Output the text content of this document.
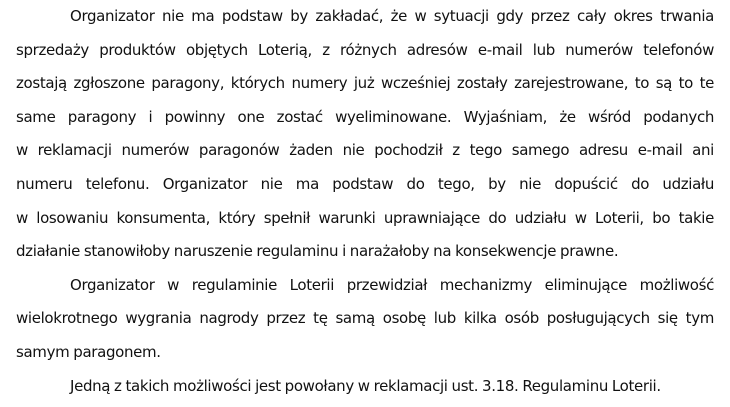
Organizator nie ma podstaw by zakładać, że w sytuacji gdy przez cały okres trwania
sprzedaży produktów objętych Loterią, z różnych adresów e-mail lub numerów telefonów
zostają zgłoszone paragony, których numery już wcześniej zostały zarejestrowane, to są to te
same paragony i powinny one zostać wyeliminowane. Wyjaśniam, że wśród podanych
w reklamacji numerów paragonów żaden nie pochodził z tego samego adresu e-mail ani
numeru telefonu. Organizator nie ma podstaw do tego, by nie dopuścić do udziału
w losowaniu konsumenta, który spełnił warunki uprawniające do udziału w Loterii, bo takie
działanie stanowiłoby naruszenie regulaminu i narażałoby na konsekwencje prawne.
Organizator w regulaminie Loterii przewidział mechanizmy eliminujące możliwość
wielokrotnego wygrania nagrody przez tę samą osobę lub kilka osób posługujących się tym
samym paragonem.
Jedną z takich możliwości jest powołany w reklamacji ust. 3.18. Regulaminu Loterii.
